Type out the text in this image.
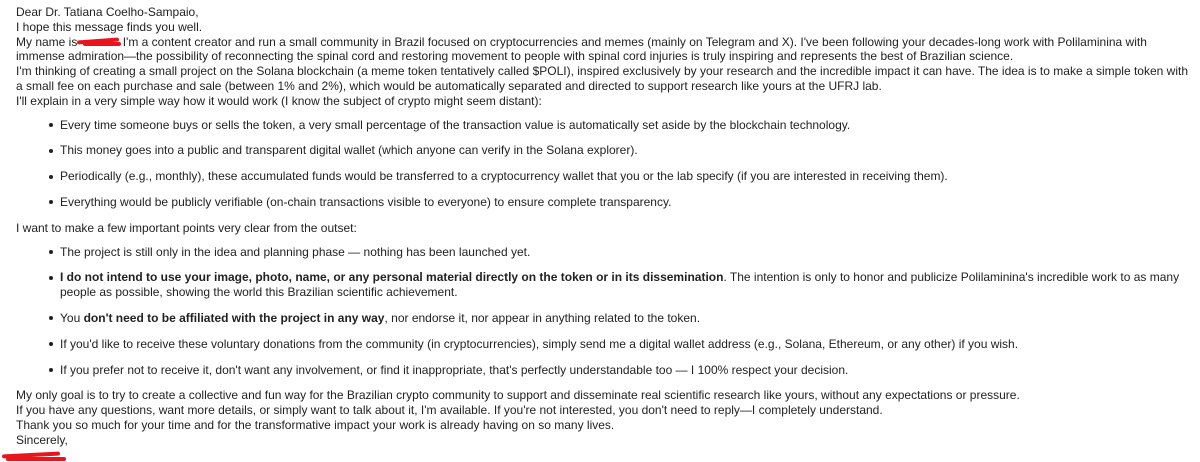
Dear Dr. Tatiana Coelho-Sampaio,

I hope this message finds you well.

My name is	I'm a content creator and run a small community in Brazil focused on cryptocurrencies and memes (mainly on Telegram and X). I've been following your decades-long work with Polilaminina with immense admiration—the possibility of reconnecting the spinal cord and restoring movement to people with spinal cord injuries is truly inspiring and represents the best of Brazilian science.

I'm thinking of creating a small project on the Solana blockchain (a meme token tentatively called $POLI), inspired exclusively by your research and the incredible impact it can have. The idea is to make a simple token with a small fee on each purchase and sale (between 1% and 2%), which would be automatically separated and directed to support research like yours at the UFRJ lab.

I'll explain in a very simple way how it would work (I know the subject of crypto might seem distant):

Every time someone buys or sells the token, a very small percentage of the transaction value is automatically set aside by the blockchain technology.
This money goes into a public and transparent digital wallet (which anyone can verify in the Solana explorer).
Periodically (e.g., monthly), these accumulated funds would be transferred to a cryptocurrency wallet that you or the lab specify (if you are interested in receiving them).
Everything would be publicly verifiable (on-chain transactions visible to everyone) to ensure complete transparency.

I want to make a few important points very clear from the outset:

The project is still only in the idea and planning phase — nothing has been launched yet.
I do not intend to use your image, photo, name, or any personal material directly on the token or in its dissemination. The intention is only to honor and publicize Polilaminina's incredible work to as many people as possible, showing the world this Brazilian scientific achievement.
You don't need to be affiliated with the project in any way, nor endorse it, nor appear in anything related to the token.
If you'd like to receive these voluntary donations from the community (in cryptocurrencies), simply send me a digital wallet address (e.g., Solana, Ethereum, or any other) if you wish.
If you prefer not to receive it, don't want any involvement, or find it inappropriate, that's perfectly understandable too — I 100% respect your decision.

My only goal is to try to create a collective and fun way for the Brazilian crypto community to support and disseminate real scientific research like yours, without any expectations or pressure.

If you have any questions, want more details, or simply want to talk about it, I'm available. If you're not interested, you don't need to reply—I completely understand.

Thank you so much for your time and for the transformative impact your work is already having on so many lives.

Sincerely,
